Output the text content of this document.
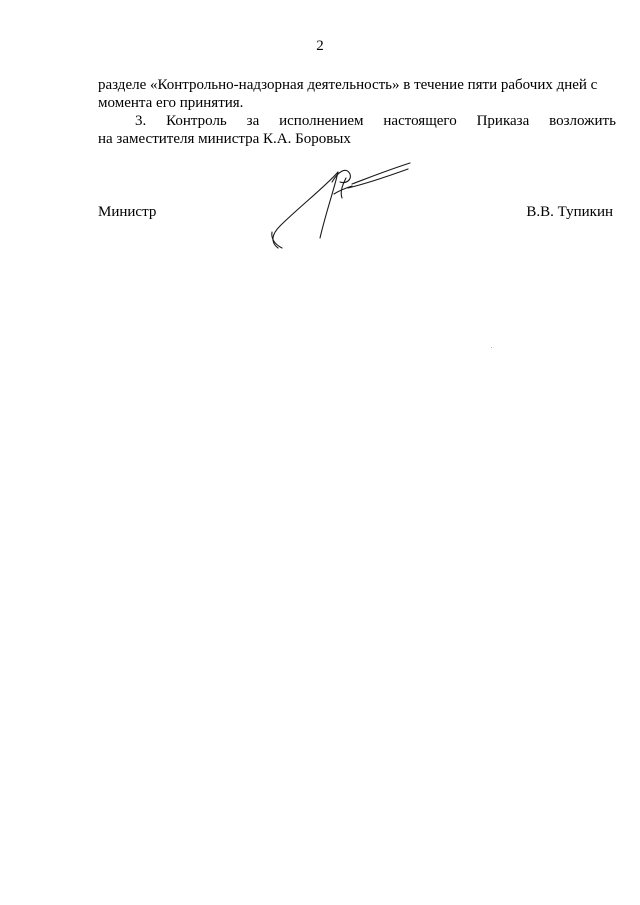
2
разделе «Контрольно-надзорная деятельность» в течение пяти рабочих дней с
момента его принятия.
3. Контроль за исполнением настоящего Приказа возложить
на заместителя министра К.А. Боровых
Министр	В.В. Тупикин
